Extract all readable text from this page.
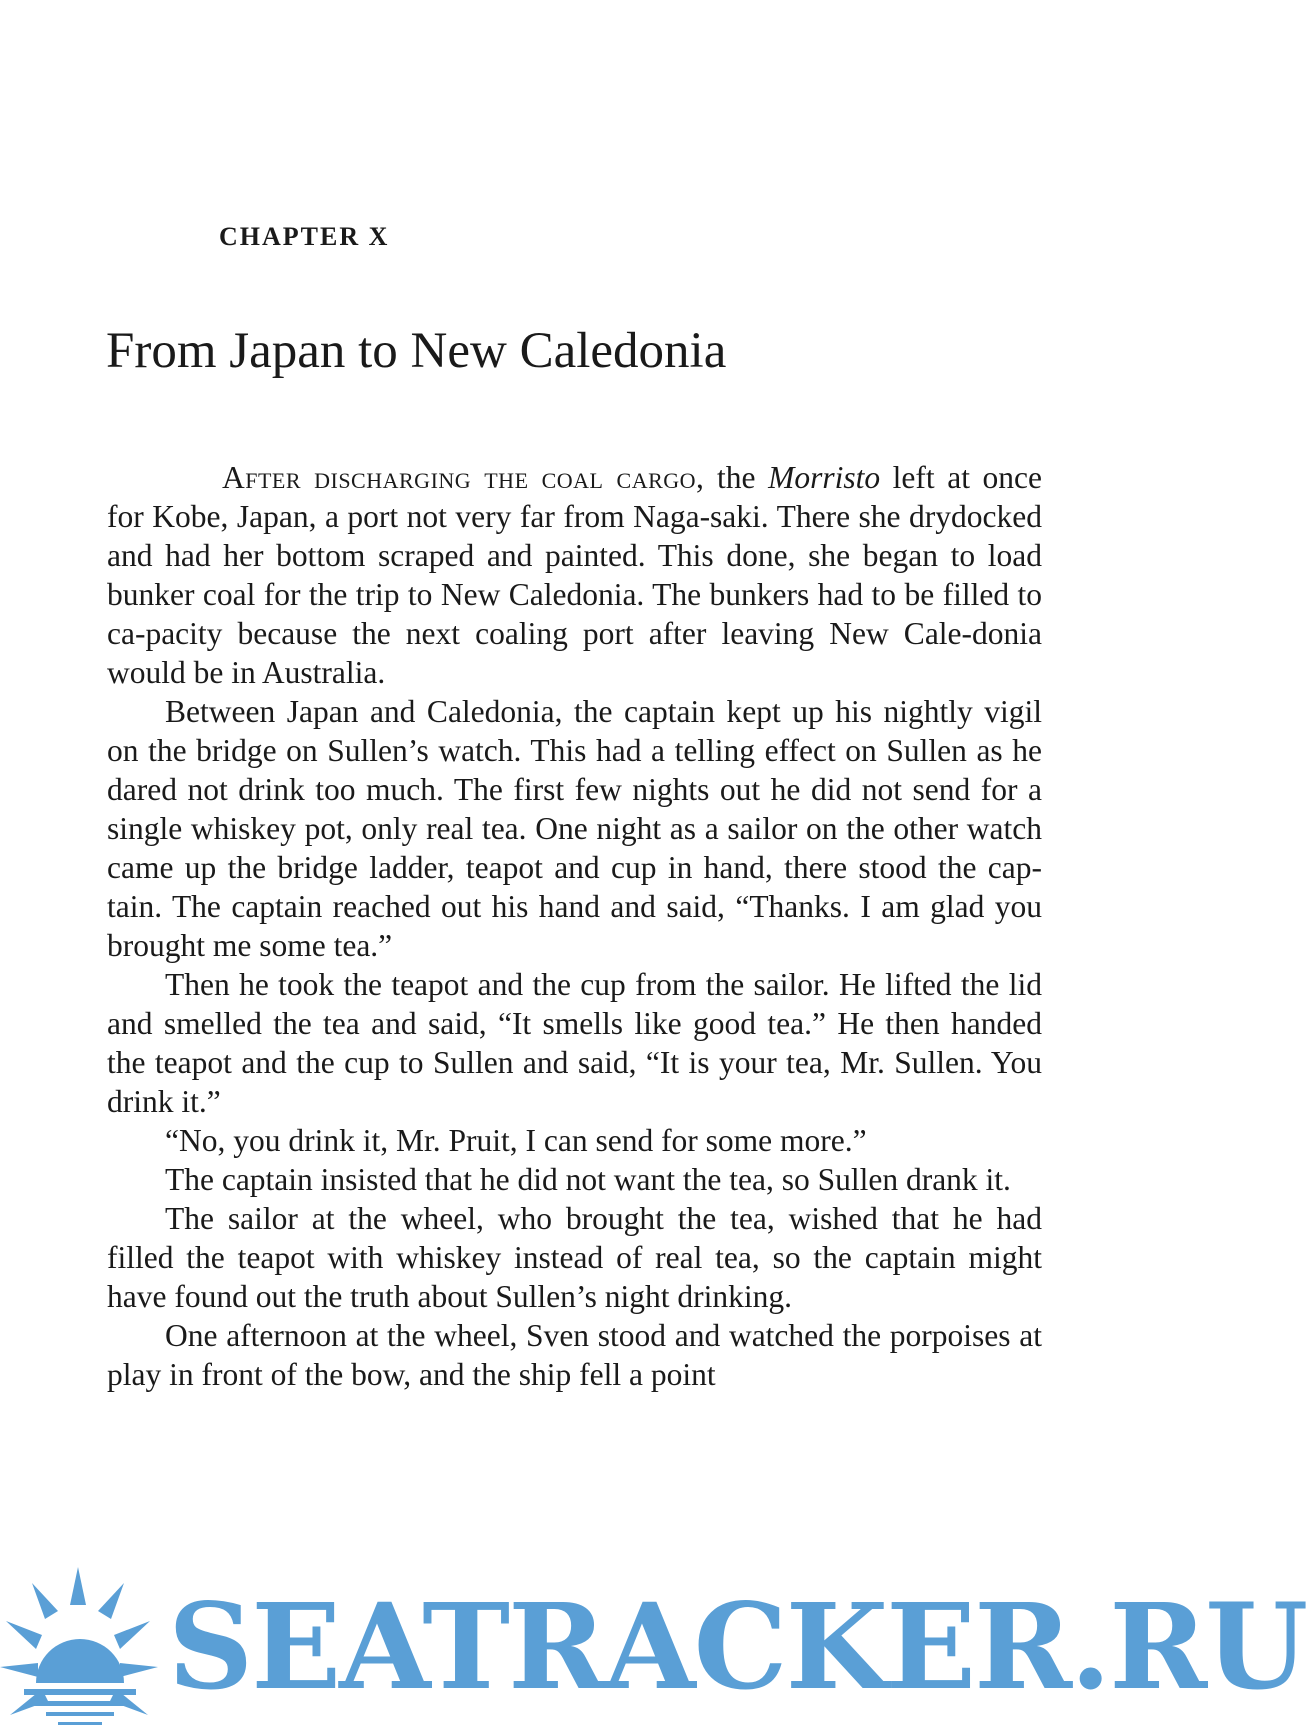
CHAPTER X
From Japan to New Caledonia

After discharging the coal cargo, the Morristo left at once for Kobe, Japan, a port not very far from Naga-saki. There she drydocked and had her bottom scraped and painted. This done, she began to load bunker coal for the trip to New Caledonia. The bunkers had to be filled to ca-pacity because the next coaling port after leaving New Cale-donia would be in Australia.

Between Japan and Caledonia, the captain kept up his nightly vigil on the bridge on Sullen’s watch. This had a telling effect on Sullen as he dared not drink too much. The first few nights out he did not send for a single whiskey pot, only real tea. One night as a sailor on the other watch came up the bridge ladder, teapot and cup in hand, there stood the cap-tain. The captain reached out his hand and said, “Thanks. I am glad you brought me some tea.”

Then he took the teapot and the cup from the sailor. He lifted the lid and smelled the tea and said, “It smells like good tea.” He then handed the teapot and the cup to Sullen and said, “It is your tea, Mr. Sullen. You drink it.”

“No, you drink it, Mr. Pruit, I can send for some more.”

The captain insisted that he did not want the tea, so Sullen drank it.

The sailor at the wheel, who brought the tea, wished that he had filled the teapot with whiskey instead of real tea, so the captain might have found out the truth about Sullen’s night drinking.

One afternoon at the wheel, Sven stood and watched the porpoises at play in front of the bow, and the ship fell a point

SEATRACKER.RU
